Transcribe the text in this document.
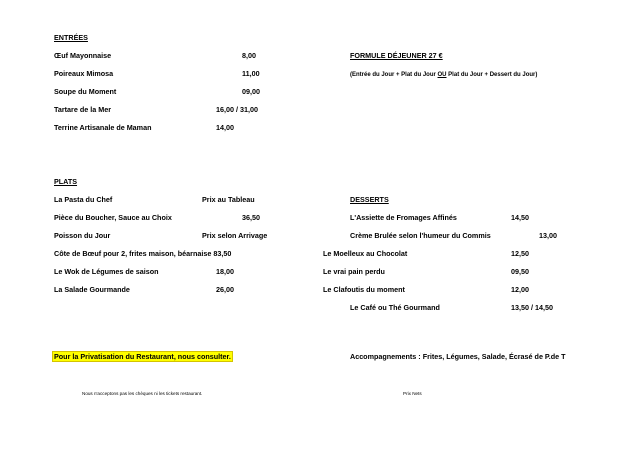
ENTRÉES
Œuf Mayonnaise	8,00
Poireaux Mimosa	11,00
Soupe du Moment	09,00
Tartare de la Mer	16,00 / 31,00
Terrine Artisanale de Maman	14,00
FORMULE DÉJEUNER 27 €
(Entrée du Jour + Plat du Jour OU Plat du Jour + Dessert du Jour)
PLATS
La Pasta du Chef	Prix au Tableau
Pièce du Boucher, Sauce au Choix	36,50
Poisson du Jour	Prix selon Arrivage
Côte de Bœuf pour 2, frites maison, béarnaise 83,50
Le Wok de Légumes de saison	18,00
La Salade Gourmande	26,00
DESSERTS
L'Assiette de Fromages Affinés	14,50
Crème Brulée selon l'humeur du Commis	13,00
Le Moelleux au Chocolat	12,50
Le vrai pain perdu	09,50
Le Clafoutis du moment	12,00
Le Café ou Thé Gourmand	13,50 / 14,50
Pour la Privatisation du Restaurant, nous consulter.	Accompagnements : Frites, Légumes, Salade, Écrasé de P.de T
Nous n'acceptons pas les chèques ni les tickets restaurant.	Prix Nets
